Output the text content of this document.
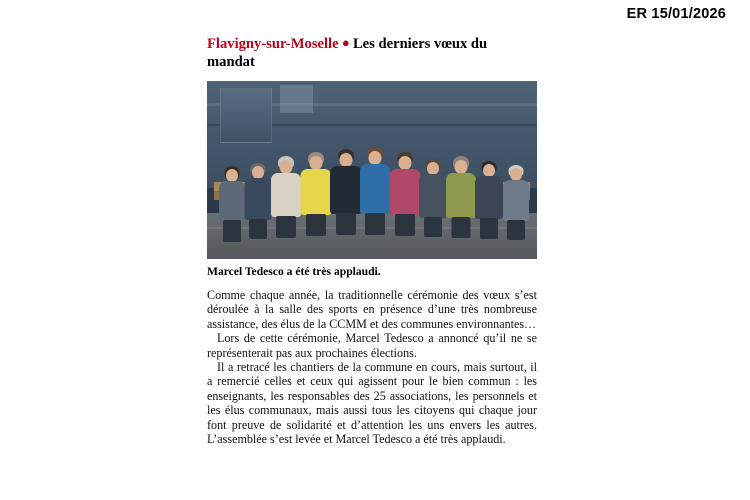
ER 15/01/2026
Flavigny-sur-Moselle ● Les derniers vœux du mandat
Marcel Tedesco a été très applaudi.

Comme chaque année, la traditionnelle cérémonie des vœux s’est déroulée à la salle des sports en présence d’une très nombreuse assistance, des élus de la CCMM et des communes environnantes…

Lors de cette cérémonie, Marcel Tedesco a annoncé qu’il ne se représenterait pas aux prochaines élections.

Il a retracé les chantiers de la commune en cours, mais surtout, il a remercié celles et ceux qui agissent pour le bien commun : les enseignants, les responsables des 25 associations, les personnels et les élus communaux, mais aussi tous les citoyens qui chaque jour font preuve de solidarité et d’attention les uns envers les autres. L’assemblée s’est levée et Marcel Tedesco a été très applaudi.
